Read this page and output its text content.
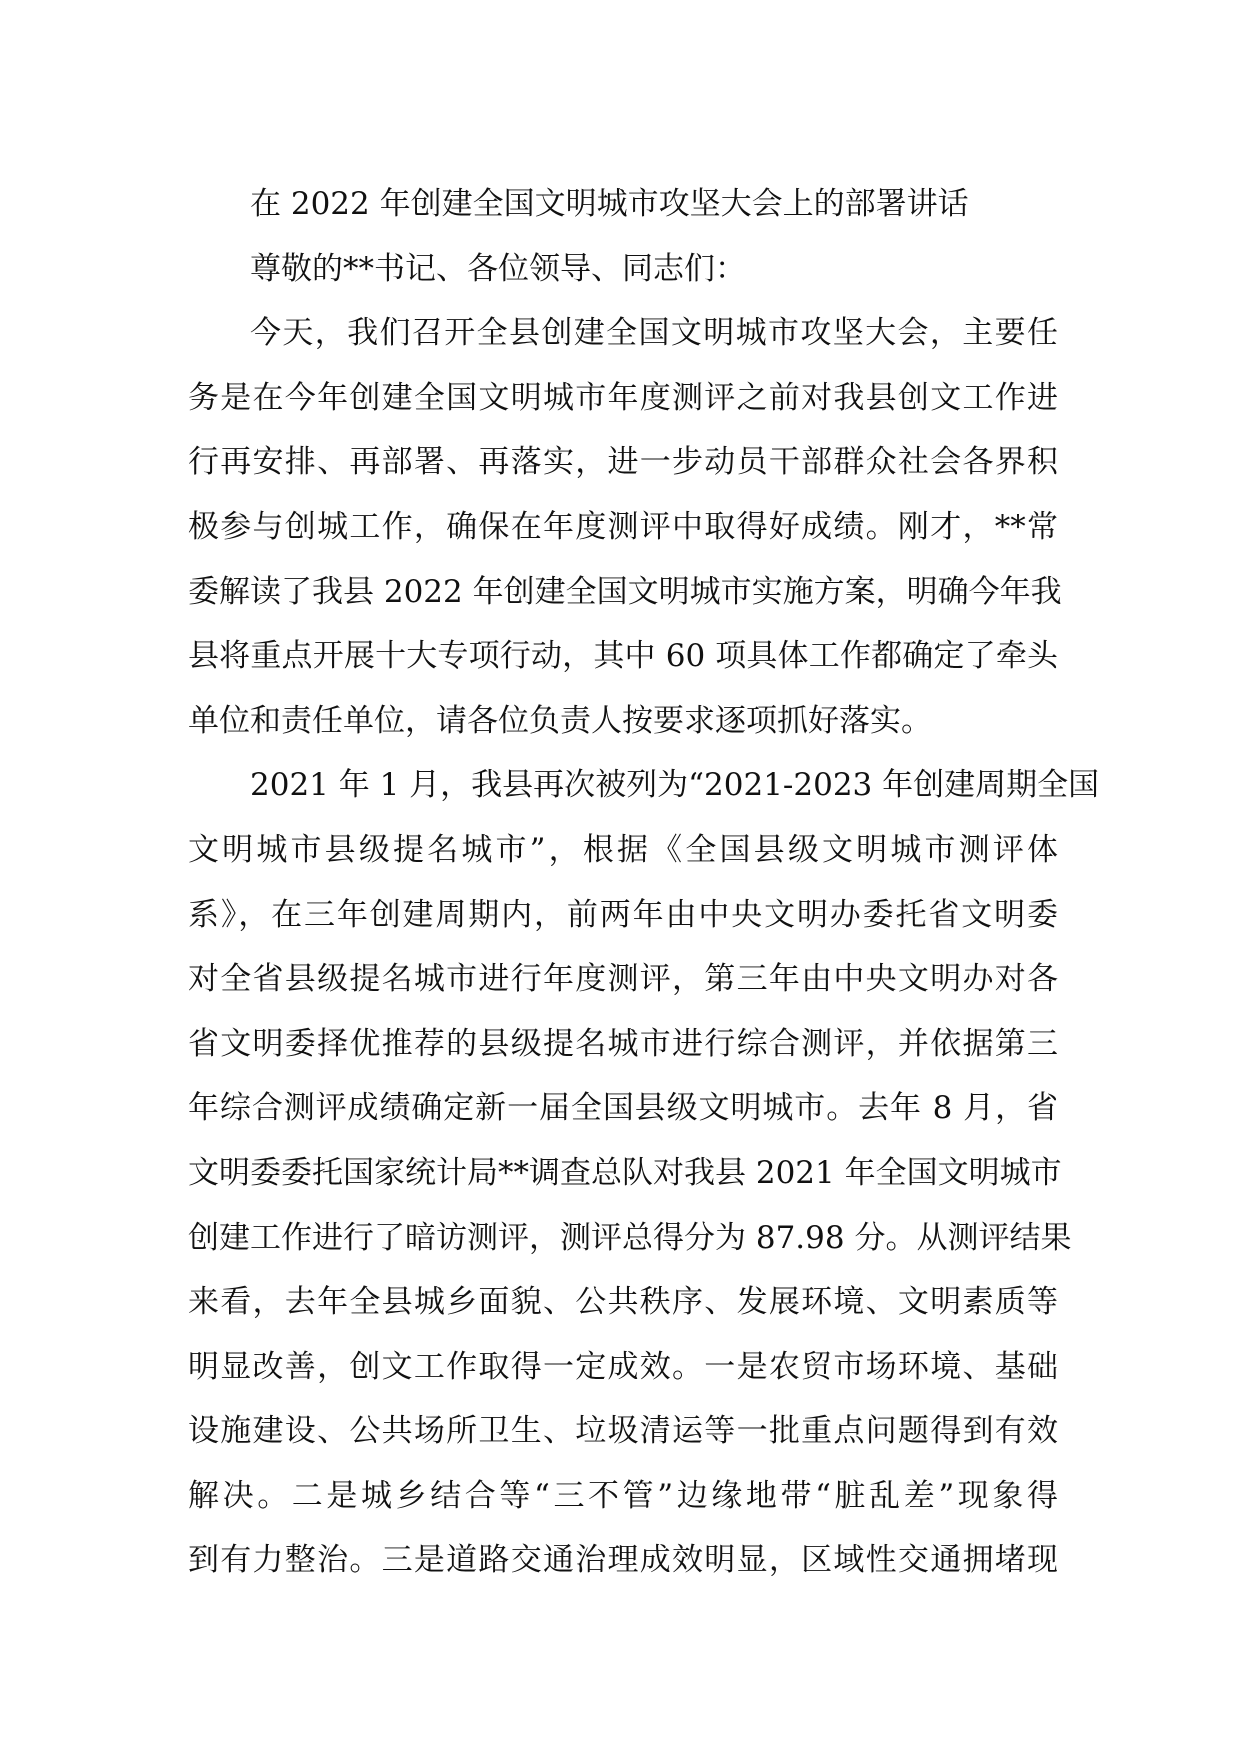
在 2022 年创建全国文明城市攻坚大会上的部署讲话
尊敬的**书记、各位领导、同志们：
今天，我们召开全县创建全国文明城市攻坚大会，主要任
务是在今年创建全国文明城市年度测评之前对我县创文工作进
行再安排、再部署、再落实，进一步动员干部群众社会各界积
极参与创城工作，确保在年度测评中取得好成绩。刚才，**常
委解读了我县 2022 年创建全国文明城市实施方案，明确今年我
县将重点开展十大专项行动，其中 60 项具体工作都确定了牵头
单位和责任单位，请各位负责人按要求逐项抓好落实。
2021 年 1 月，我县再次被列为“2021-2023 年创建周期全国
文明城市县级提名城市”，根据《全国县级文明城市测评体
系》，在三年创建周期内，前两年由中央文明办委托省文明委
对全省县级提名城市进行年度测评，第三年由中央文明办对各
省文明委择优推荐的县级提名城市进行综合测评，并依据第三
年综合测评成绩确定新一届全国县级文明城市。去年 8 月，省
文明委委托国家统计局**调查总队对我县 2021 年全国文明城市
创建工作进行了暗访测评，测评总得分为 87.98 分。从测评结果
来看，去年全县城乡面貌、公共秩序、发展环境、文明素质等
明显改善，创文工作取得一定成效。一是农贸市场环境、基础
设施建设、公共场所卫生、垃圾清运等一批重点问题得到有效
解决。二是城乡结合等“三不管”边缘地带“脏乱差”现象得
到有力整治。三是道路交通治理成效明显，区域性交通拥堵现
